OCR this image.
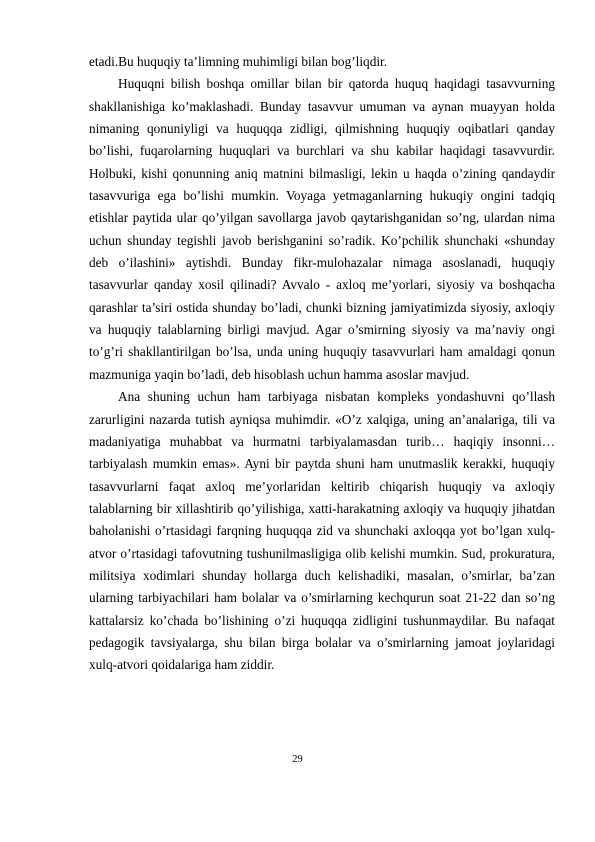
etadi.Bu huquqiy ta’limning muhimligi bilan bog’liqdir.

Huquqni bilish boshqa omillar bilan bir qatorda huquq haqidagi tasavvurning shakllanishiga ko’maklashadi. Bunday tasavvur umuman va aynan muayyan holda nimaning qonuniyligi va huquqqa zidligi, qilmishning huquqiy oqibatlari qanday bo’lishi, fuqarolarning huquqlari va burchlari va shu kabilar haqidagi tasavvurdir. Holbuki, kishi qonunning aniq matnini bilmasligi, lekin u haqda o’zining qandaydir tasavvuriga ega bo’lishi mumkin. Voyaga yetmaganlarning hukuqiy ongini tadqiq etishlar paytida ular qo’yilgan savollarga javob qaytarishganidan so’ng, ulardan nima uchun shunday tegishli javob berishganini so’radik. Ko’pchilik shunchaki «shunday deb o’ilashini» aytishdi. Bunday fikr-mulohazalar nimaga asoslanadi, huquqiy tasavvurlar qanday xosil qilinadi? Avvalo - axloq me’yorlari, siyosiy va boshqacha qarashlar ta’siri ostida shunday bo’ladi, chunki bizning jamiyatimizda siyosiy, axloqiy va huquqiy talablarning birligi mavjud. Agar o’smirning siyosiy va ma’naviy ongi to’g’ri shakllantirilgan bo’lsa, unda uning huquqiy tasavvurlari ham amaldagi qonun mazmuniga yaqin bo’ladi, deb hisoblash uchun hamma asoslar mavjud.

Ana shuning uchun ham tarbiyaga nisbatan kompleks yondashuvni qo’llash zarurligini nazarda tutish ayniqsa muhimdir. «O’z xalqiga, uning an’analariga, tili va madaniyatiga muhabbat va hurmatni tarbiyalamasdan turib… haqiqiy insonni… tarbiyalash mumkin emas». Ayni bir paytda shuni ham unutmaslik kerakki, huquqiy tasavvurlarni faqat axloq me’yorlaridan keltirib chiqarish huquqiy va axloqiy talablarning bir xillashtirib qo’yilishiga, xatti-harakatning axloqiy va huquqiy jihatdan baholanishi o’rtasidagi farqning huquqqa zid va shunchaki axloqqa yot bo’lgan xulq-atvor o’rtasidagi tafovutning tushunilmasligiga olib kelishi mumkin. Sud, prokuratura, militsiya xodimlari shunday hollarga duch kelishadiki, masalan, o’smirlar, ba’zan ularning tarbiyachilari ham bolalar va o’smirlarning kechqurun soat 21-22 dan so’ng kattalarsiz ko’chada bo’lishining o’zi huquqqa zidligini tushunmaydilar. Bu nafaqat pedagogik tavsiyalarga, shu bilan birga bolalar va o’smirlarning jamoat joylaridagi xulq-atvori qoidalariga ham ziddir.

29
